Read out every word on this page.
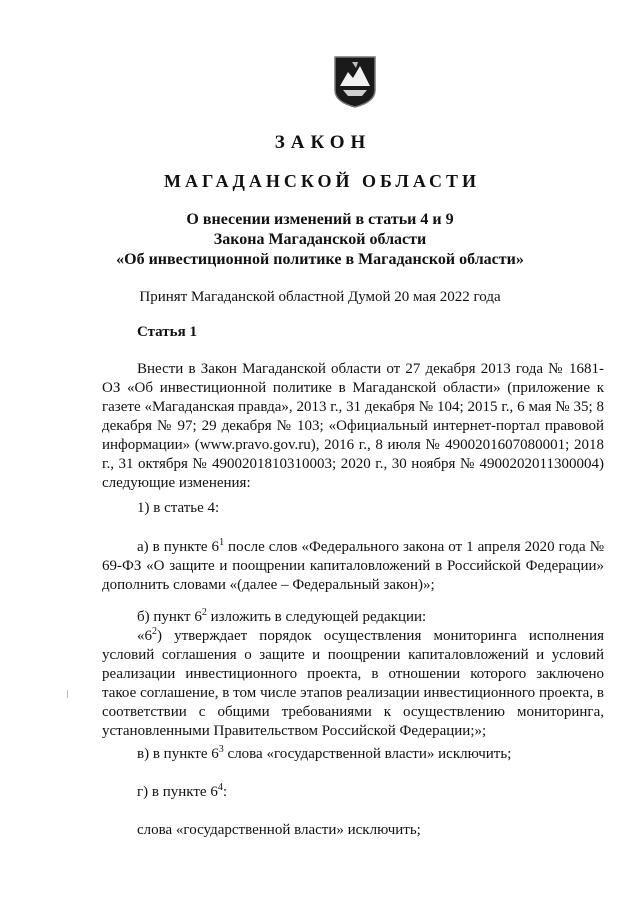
ЗАКОН
МАГАДАНСКОЙ ОБЛАСТИ
О внесении изменений в статьи 4 и 9
Закона Магаданской области
«Об инвестиционной политике в Магаданской области»
Принят Магаданской областной Думой 20 мая 2022 года
Статья 1

Внести в Закон Магаданской области от 27 декабря 2013 года № 1681-ОЗ «Об инвестиционной политике в Магаданской области» (приложение к газете «Магаданская правда», 2013 г., 31 декабря № 104; 2015 г., 6 мая № 35; 8 декабря № 97; 29 декабря № 103; «Официальный интернет-портал правовой информации» (www.pravo.gov.ru), 2016 г., 8 июля № 4900201607080001; 2018 г., 31 октября № 4900201810310003; 2020 г., 30 ноября № 4900202011300004) следующие изменения:

1) в статье 4:

а) в пункте $6^1$ после слов «Федерального закона от 1 апреля 2020 года № 69-ФЗ «О защите и поощрении капиталовложений в Российской Федерации» дополнить словами «(далее – Федеральный закон)»;

б) пункт $6^2$ изложить в следующей редакции:

«$6^2$) утверждает порядок осуществления мониторинга исполнения условий соглашения о защите и поощрении капиталовложений и условий реализации инвестиционного проекта, в отношении которого заключено такое соглашение, в том числе этапов реализации инвестиционного проекта, в соответствии с общими требованиями к осуществлению мониторинга, установленными Правительством Российской Федерации;»;

в) в пункте $6^3$ слова «государственной власти» исключить;

г) в пункте $6^4$:

слова «государственной власти» исключить;
